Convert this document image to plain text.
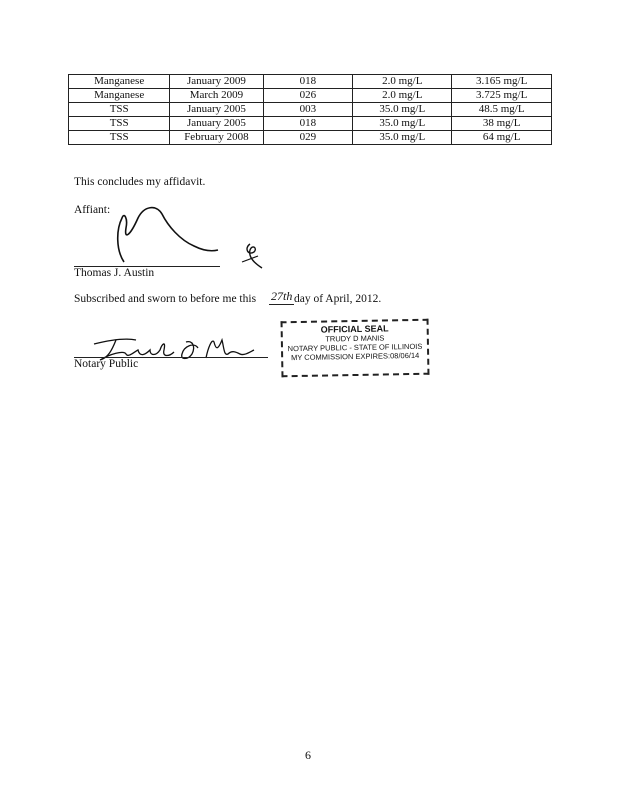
Manganese	January 2009	018	2.0 mg/L	3.165 mg/L
Manganese	March 2009	026	2.0 mg/L	3.725 mg/L
TSS	January 2005	003	35.0 mg/L	48.5 mg/L
TSS	January 2005	018	35.0 mg/L	38 mg/L
TSS	February 2008	029	35.0 mg/L	64 mg/L
This concludes my affidavit.
Affiant:
Thomas J. Austin
Subscribed and sworn to before me this 27th day of April, 2012.
Notary Public
OFFICIAL SEAL
TRUDY D MANIS
NOTARY PUBLIC - STATE OF ILLINOIS
MY COMMISSION EXPIRES:08/06/14
6
